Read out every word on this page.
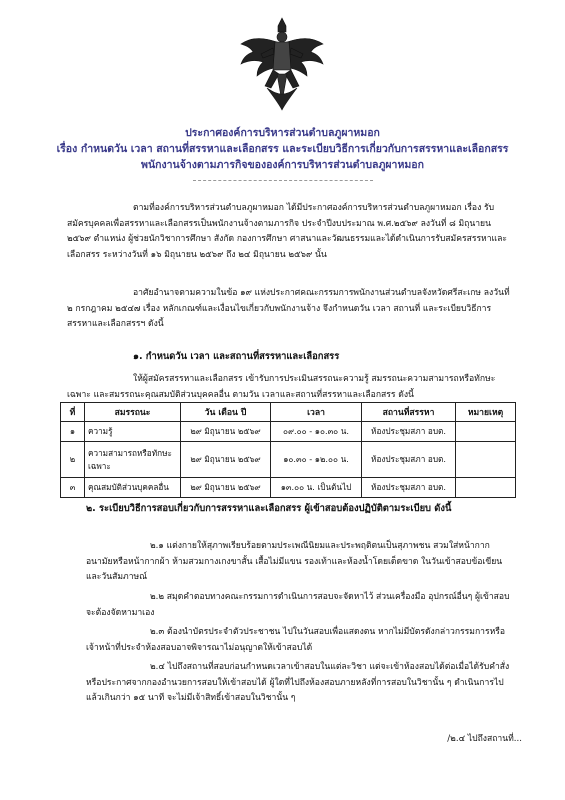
ประกาศองค์การบริหารส่วนตำบลภูผาหมอก
เรื่อง กำหนดวัน เวลา สถานที่สรรหาและเลือกสรร และระเบียบวิธีการเกี่ยวกับการสรรหาและเลือกสรร
พนักงานจ้างตามภารกิจขององค์การบริหารส่วนตำบลภูผาหมอก

ตามที่องค์การบริหารส่วนตำบลภูผาหมอก ได้มีประกาศองค์การบริหารส่วนตำบลภูผาหมอก เรื่อง รับสมัครบุคคลเพื่อสรรหาและเลือกสรรเป็นพนักงานจ้างตามภารกิจ ประจำปีงบประมาณ พ.ศ.๒๕๖๙ ลงวันที่ ๘ มิถุนายน ๒๕๖๙ ตำแหน่ง ผู้ช่วยนักวิชาการศึกษา สังกัด กองการศึกษา ศาสนาและวัฒนธรรมและได้ดำเนินการรับสมัครสรรหาและเลือกสรร ระหว่างวันที่ ๑๖ มิถุนายน ๒๕๖๙ ถึง ๒๔ มิถุนายน ๒๕๖๙ นั้น

อาศัยอำนาจตามความในข้อ ๑๙ แห่งประกาศคณะกรรมการพนักงานส่วนตำบลจังหวัดศรีสะเกษ ลงวันที่ ๒ กรกฎาคม ๒๕๔๗ เรื่อง หลักเกณฑ์และเงื่อนไขเกี่ยวกับพนักงานจ้าง จึงกำหนดวัน เวลา สถานที่ และระเบียบวิธีการสรรหาและเลือกสรรฯ ดังนี้

๑. กำหนดวัน เวลา และสถานที่สรรหาและเลือกสรร

ให้ผู้สมัครสรรหาและเลือกสรร เข้ารับการประเมินสรรถนะความรู้ สมรรถนะความสามารถหรือทักษะเฉพาะ และสมรรถนะคุณสมบัติส่วนบุคคลอื่น ตามวัน เวลาและสถานที่สรรหาและเลือกสรร ดังนี้

ที่	สมรรถนะ	วัน เดือน ปี	เวลา	สถานที่สรรหา	หมายเหตุ
๑	ความรู้	๒๙ มิถุนายน ๒๕๖๙	๐๙.๐๐ - ๑๐.๓๐ น.	ห้องประชุมสภา อบต.	
๒	ความสามารถหรือทักษะเฉพาะ	๒๙ มิถุนายน ๒๕๖๙	๑๐.๓๐ - ๑๒.๐๐ น.	ห้องประชุมสภา อบต.	
๓	คุณสมบัติส่วนบุคคลอื่น	๒๙ มิถุนายน ๒๕๖๙	๑๓.๐๐ น. เป็นต้นไป	ห้องประชุมสภา อบต.	
๒. ระเบียบวิธีการสอบเกี่ยวกับการสรรหาและเลือกสรร ผู้เข้าสอบต้องปฏิบัติตามระเบียบ ดังนี้

๒.๑ แต่งกายให้สุภาพเรียบร้อยตามประเพณีนิยมและประพฤติตนเป็นสุภาพชน สวมใส่หน้ากากอนามัยหรือหน้ากากผ้า ห้ามสวมกางเกงขาสั้น เสื้อไม่มีแขน รองเท้าและห้องน้ำโดยเด็ดขาด ในวันเข้าสอบข้อเขียน และวันสัมภาษณ์

๒.๒ สมุดคำตอบทางคณะกรรมการดำเนินการสอบจะจัดหาไว้ ส่วนเครื่องมือ อุปกรณ์อื่นๆ ผู้เข้าสอบจะต้องจัดหามาเอง

๒.๓ ต้องนำบัตรประจำตัวประชาชน ไปในวันสอบเพื่อแสดงตน หากไม่มีบัตรดังกล่าวกรรมการหรือเจ้าหน้าที่ประจำห้องสอบอาจพิจารณาไม่อนุญาตให้เข้าสอบได้

๒.๔ ไปถึงสถานที่สอบก่อนกำหนดเวลาเข้าสอบในแต่ละวิชา แต่จะเข้าห้องสอบได้ต่อเมื่อได้รับคำสั่ง หรือประกาศจากกองอำนวยการสอบให้เข้าสอบได้ ผู้ใดที่ไปถึงห้องสอบภายหลังที่การสอบในวิชานั้น ๆ ดำเนินการไปแล้วเกินกว่า ๑๕ นาที จะไม่มีเจ้าสิทธิ์เข้าสอบในวิชานั้น ๆ

/๒.๔ ไปถึงสถานที่...
--------------------------------------------
